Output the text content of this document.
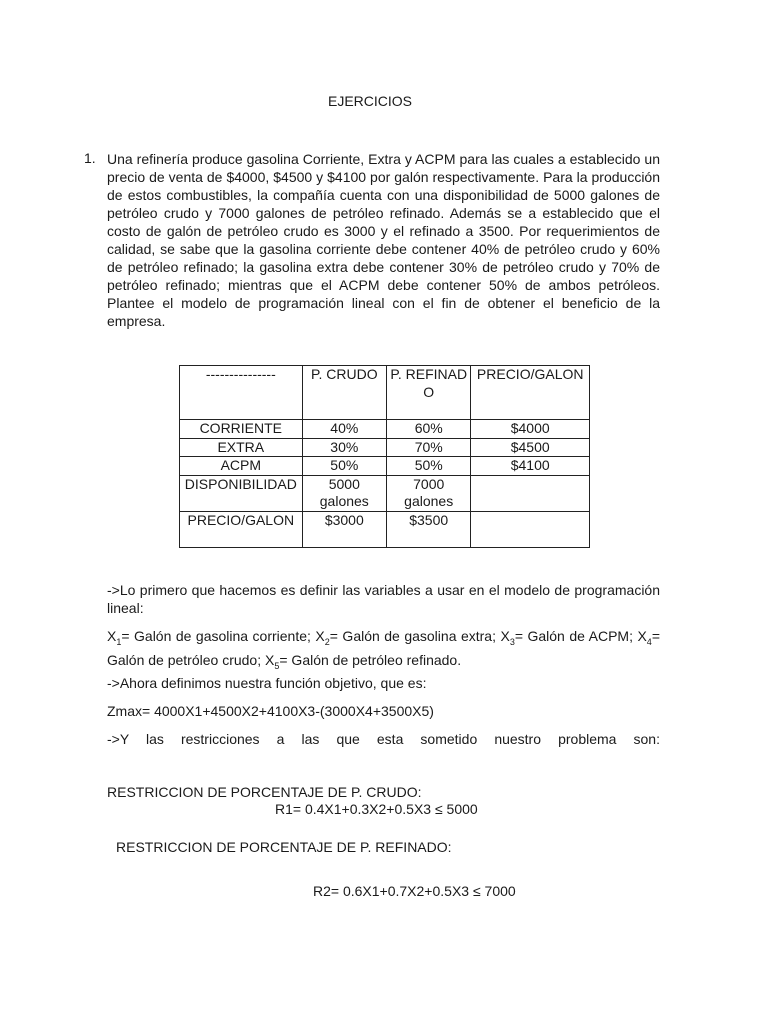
EJERCICIOS
1. Una refinería produce gasolina Corriente, Extra y ACPM para las cuales a establecido un precio de venta de $4000, $4500 y $4100 por galón respectivamente. Para la producción de estos combustibles, la compañía cuenta con una disponibilidad de 5000 galones de petróleo crudo y 7000 galones de petróleo refinado. Además se a establecido que el costo de galón de petróleo crudo es 3000 y el refinado a 3500. Por requerimientos de calidad, se sabe que la gasolina corriente debe contener 40% de petróleo crudo y 60% de petróleo refinado; la gasolina extra debe contener 30% de petróleo crudo y 70% de petróleo refinado; mientras que el ACPM debe contener 50% de ambos petróleos. Plantee el modelo de programación lineal con el fin de obtener el beneficio de la empresa.
---------------	P. CRUDO	P. REFINADO	PRECIO/GALON
CORRIENTE	40%	60%	$4000
EXTRA	30%	70%	$4500
ACPM	50%	50%	$4100
DISPONIBILIDAD	5000 galones	7000 galones	
PRECIO/GALON	$3000	$3500	
->Lo primero que hacemos es definir las variables a usar en el modelo de programación lineal:
$X_1=$ Galón de gasolina corriente; $X_2=$ Galón de gasolina extra; $X_3=$ Galón de ACPM; $X_4=$ Galón de petróleo crudo; $X_5=$ Galón de petróleo refinado.
->Ahora definimos nuestra función objetivo, que es:
Zmax= 4000X1+4500X2+4100X3-(3000X4+3500X5)
->Y las restricciones a las que esta sometido nuestro problema son:
RESTRICCION DE PORCENTAJE DE P. CRUDO:
R1= 0.4X1+0.3X2+0.5X3 ≤ 5000
RESTRICCION DE PORCENTAJE DE P. REFINADO:
R2= 0.6X1+0.7X2+0.5X3 ≤ 7000
